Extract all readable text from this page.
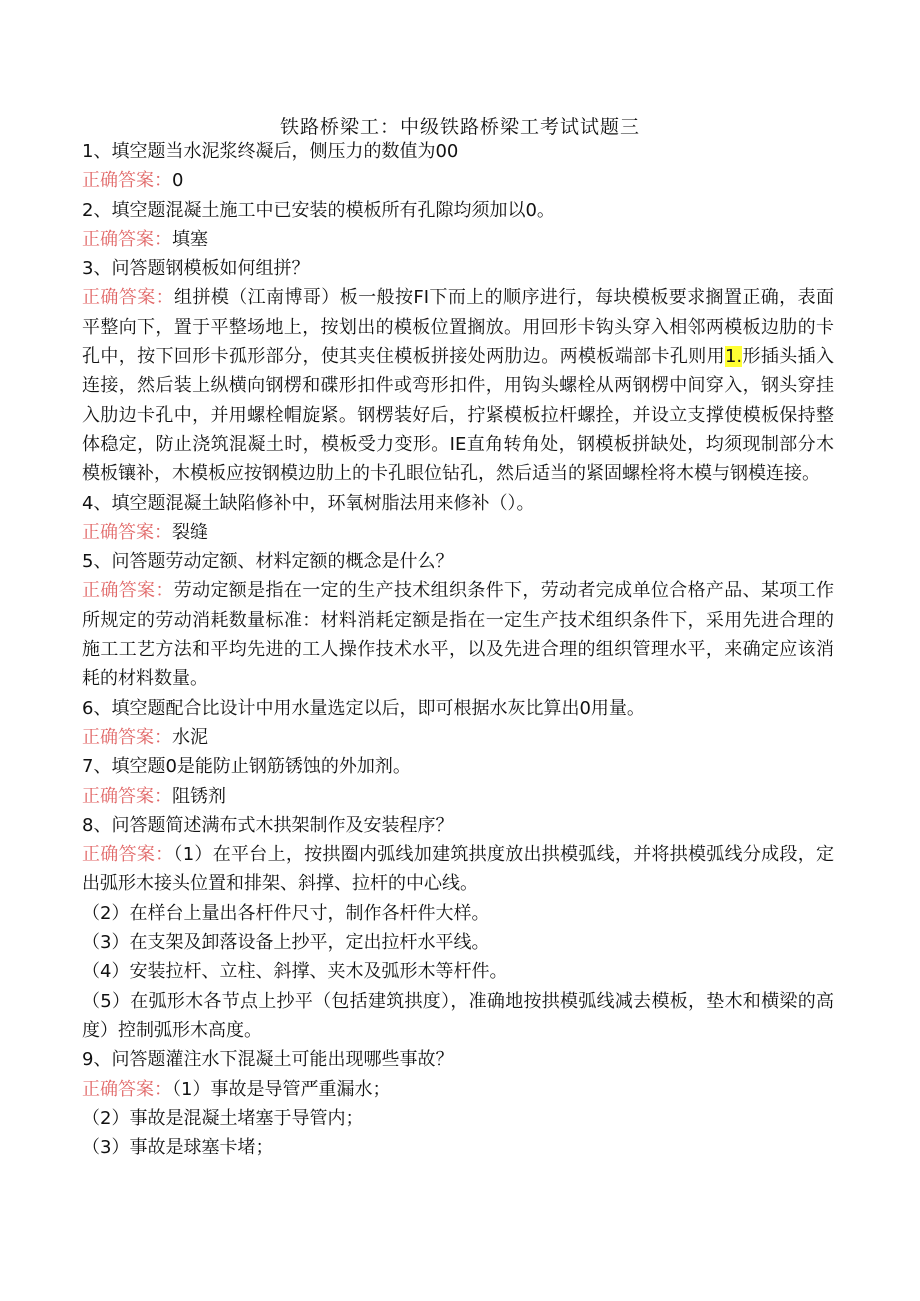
铁路桥梁工：中级铁路桥梁工考试试题三
1、填空题当水泥浆终凝后，侧压力的数值为00
正确答案：0
2、填空题混凝土施工中已安装的模板所有孔隙均须加以0。
正确答案：填塞
3、问答题钢模板如何组拼？
正确答案：组拼模（江南博哥）板一般按FI下而上的顺序进行，每块模板要求搁置正确，表面平整向下，置于平整场地上，按划出的模板位置搁放。用回形卡钩头穿入相邻两模板边肋的卡孔中，按下回形卡孤形部分，使其夹住模板拼接处两肋边。两模板端部卡孔则用1.形插头插入连接，然后装上纵横向钢楞和碟形扣件或弯形扣件，用钩头螺栓从两钢楞中间穿入，钢头穿挂入肋边卡孔中，并用螺栓帽旋紧。钢楞装好后，拧紧模板拉杆螺拴，并设立支撑使模板保持整体稳定，防止浇筑混凝土时，模板受力变形。IE直角转角处，钢模板拼缺处，均须现制部分木模板镶补，木模板应按钢模边肋上的卡孔眼位钻孔，然后适当的紧固螺栓将木模与钢模连接。
4、填空题混凝土缺陷修补中，环氧树脂法用来修补（）。
正确答案：裂缝
5、问答题劳动定额、材料定额的概念是什么？
正确答案：劳动定额是指在一定的生产技术组织条件下，劳动者完成单位合格产品、某项工作所规定的劳动消耗数量标准：材料消耗定额是指在一定生产技术组织条件下，采用先进合理的施工工艺方法和平均先进的工人操作技术水平，以及先进合理的组织管理水平，来确定应该消耗的材料数量。
6、填空题配合比设计中用水量选定以后，即可根据水灰比算出0用量。
正确答案：水泥
7、填空题0是能防止钢筋锈蚀的外加剂。
正确答案：阻锈剂
8、问答题简述满布式木拱架制作及安装程序？
正确答案：（1）在平台上，按拱圈内弧线加建筑拱度放出拱模弧线，并将拱模弧线分成段，定出弧形木接头位置和排架、斜撑、拉杆的中心线。
（2）在样台上量出各杆件尺寸，制作各杆件大样。
（3）在支架及卸落设备上抄平，定出拉杆水平线。
（4）安装拉杆、立柱、斜撑、夹木及弧形木等杆件。
（5）在弧形木各节点上抄平（包括建筑拱度），准确地按拱模弧线减去模板，垫木和横梁的高度）控制弧形木高度。
9、问答题灌注水下混凝土可能出现哪些事故？
正确答案：（1）事故是导管严重漏水；
（2）事故是混凝土堵塞于导管内；
（3）事故是球塞卡堵；
